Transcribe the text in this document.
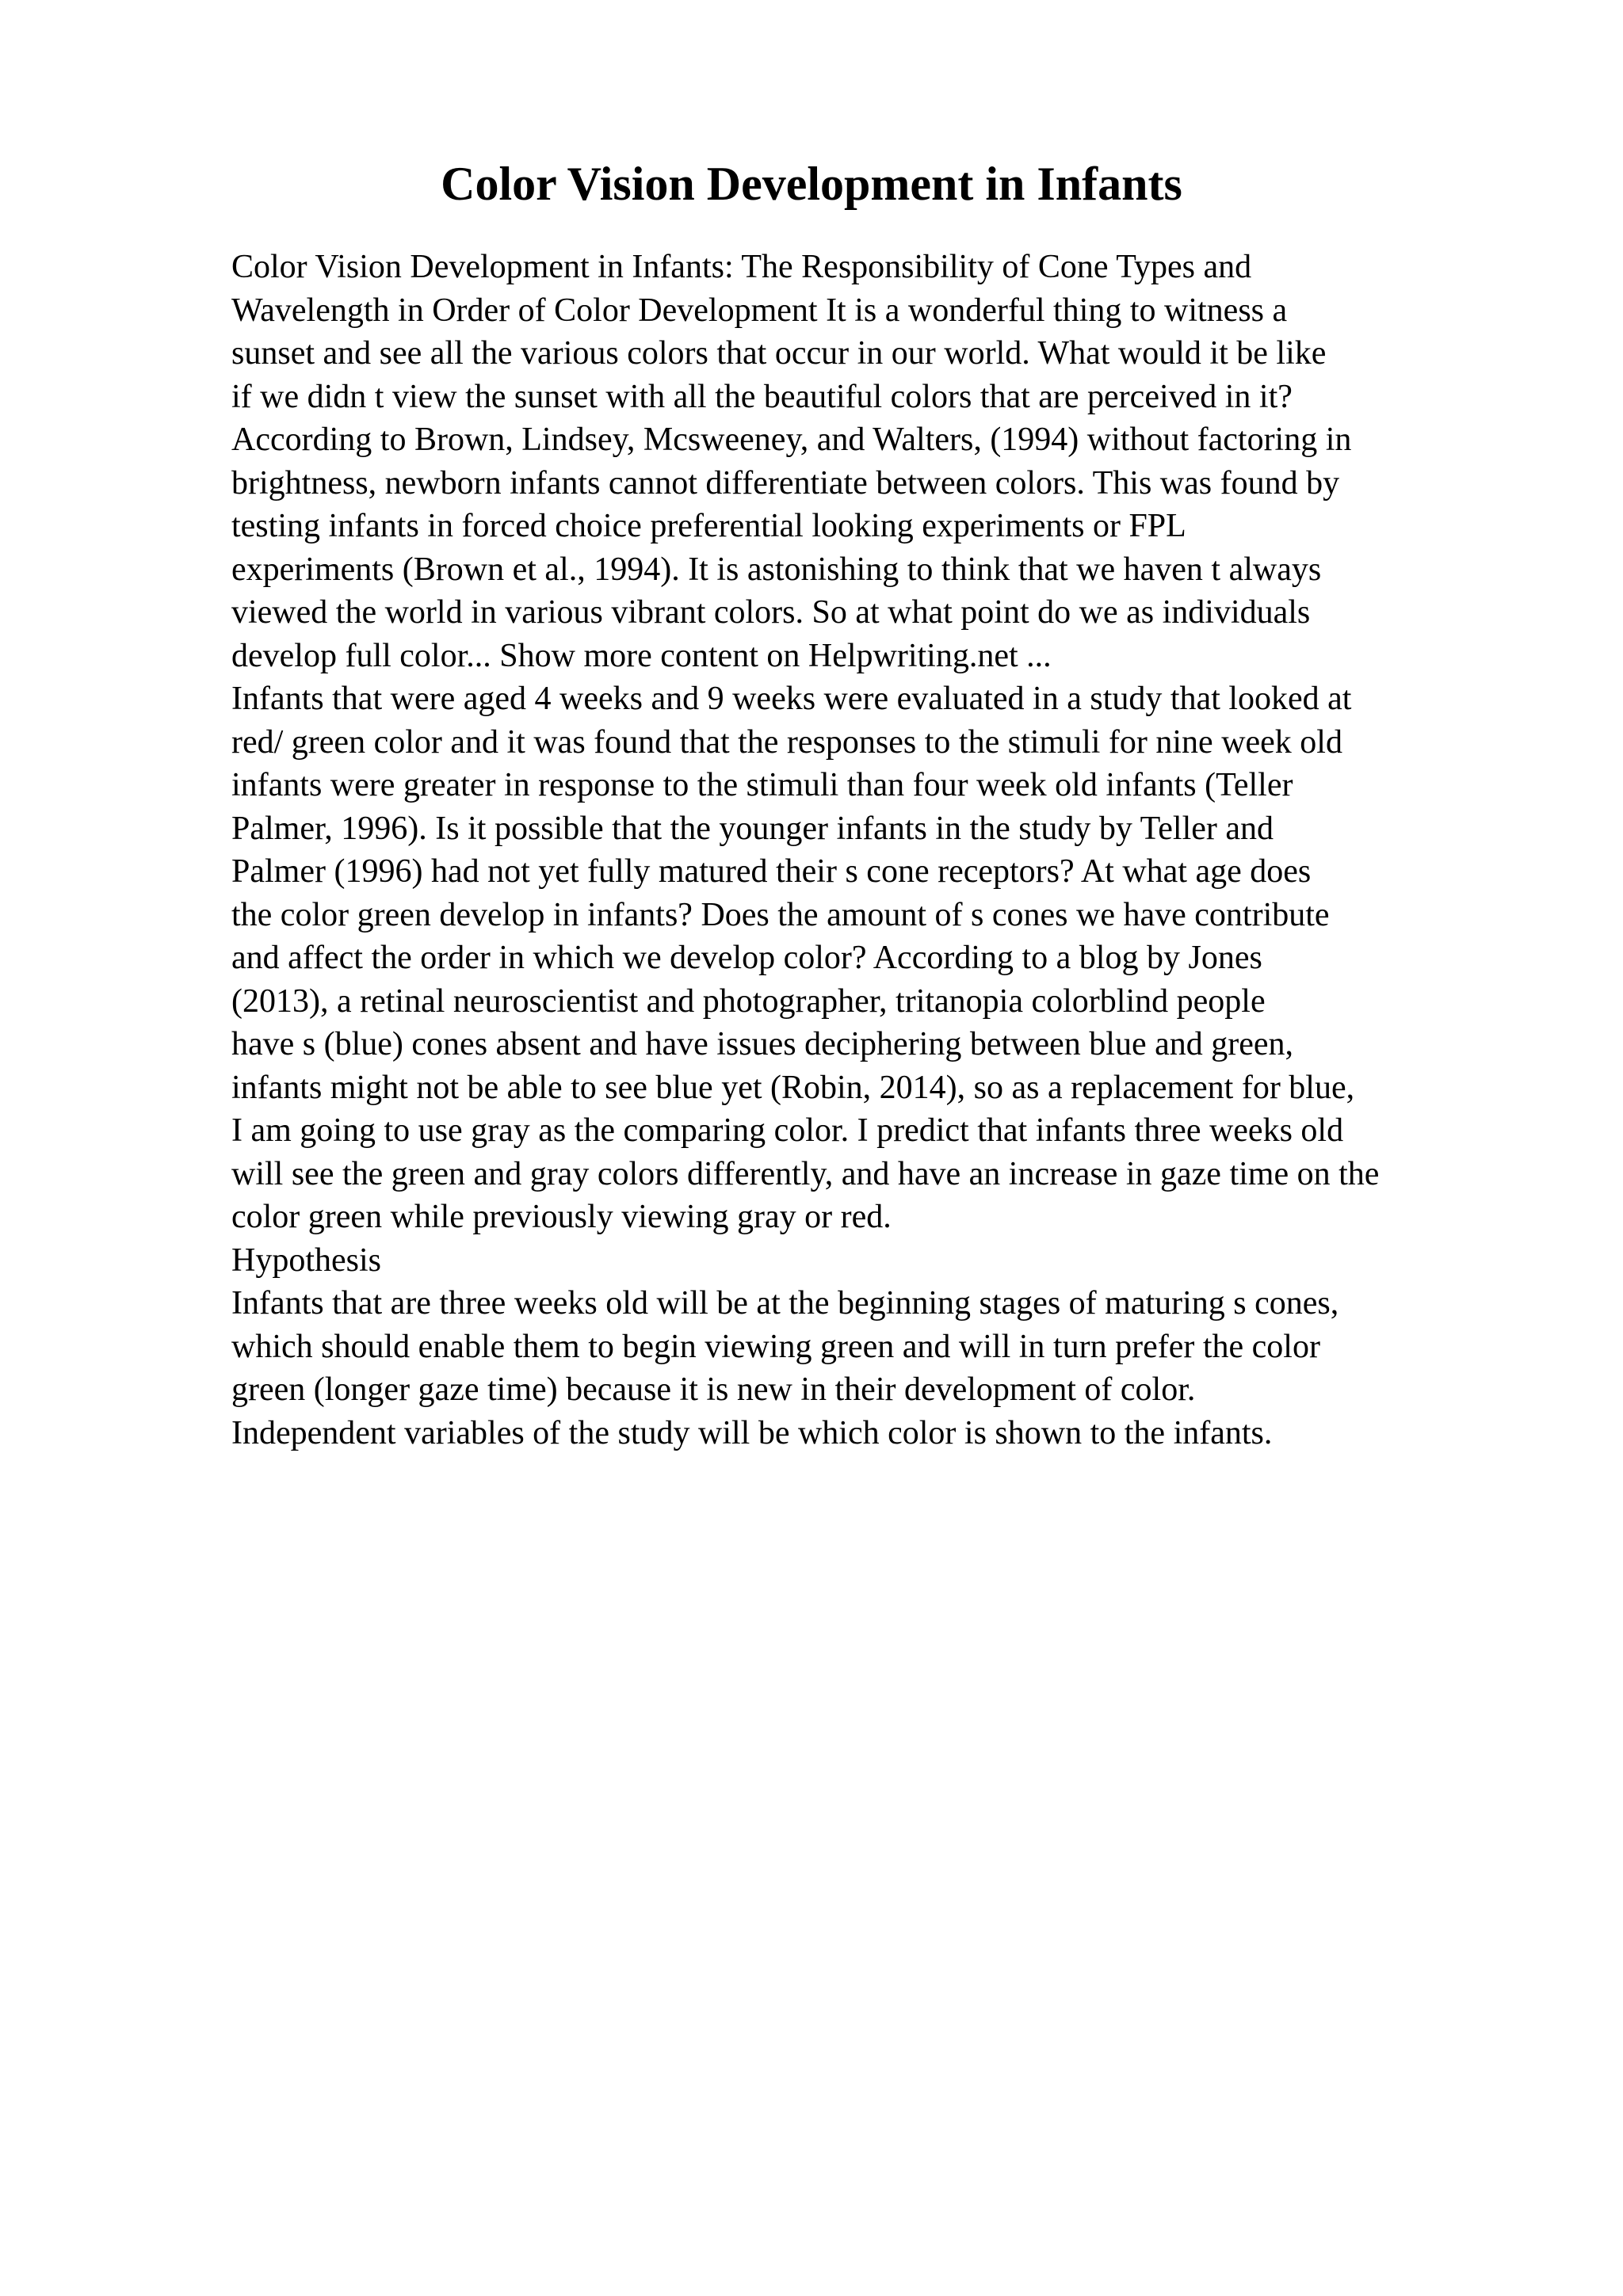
Color Vision Development in Infants
Color Vision Development in Infants: The Responsibility of Cone Types and
Wavelength in Order of Color Development It is a wonderful thing to witness a
sunset and see all the various colors that occur in our world. What would it be like
if we didn t view the sunset with all the beautiful colors that are perceived in it?
According to Brown, Lindsey, Mcsweeney, and Walters, (1994) without factoring in
brightness, newborn infants cannot differentiate between colors. This was found by
testing infants in forced choice preferential looking experiments or FPL
experiments (Brown et al., 1994). It is astonishing to think that we haven t always
viewed the world in various vibrant colors. So at what point do we as individuals
develop full color... Show more content on Helpwriting.net ...
Infants that were aged 4 weeks and 9 weeks were evaluated in a study that looked at
red/ green color and it was found that the responses to the stimuli for nine week old
infants were greater in response to the stimuli than four week old infants (Teller
Palmer, 1996). Is it possible that the younger infants in the study by Teller and
Palmer (1996) had not yet fully matured their s cone receptors? At what age does
the color green develop in infants? Does the amount of s cones we have contribute
and affect the order in which we develop color? According to a blog by Jones
(2013), a retinal neuroscientist and photographer, tritanopia colorblind people
have s (blue) cones absent and have issues deciphering between blue and green,
infants might not be able to see blue yet (Robin, 2014), so as a replacement for blue,
I am going to use gray as the comparing color. I predict that infants three weeks old
will see the green and gray colors differently, and have an increase in gaze time on the
color green while previously viewing gray or red.
Hypothesis
Infants that are three weeks old will be at the beginning stages of maturing s cones,
which should enable them to begin viewing green and will in turn prefer the color
green (longer gaze time) because it is new in their development of color.
Independent variables of the study will be which color is shown to the infants.
